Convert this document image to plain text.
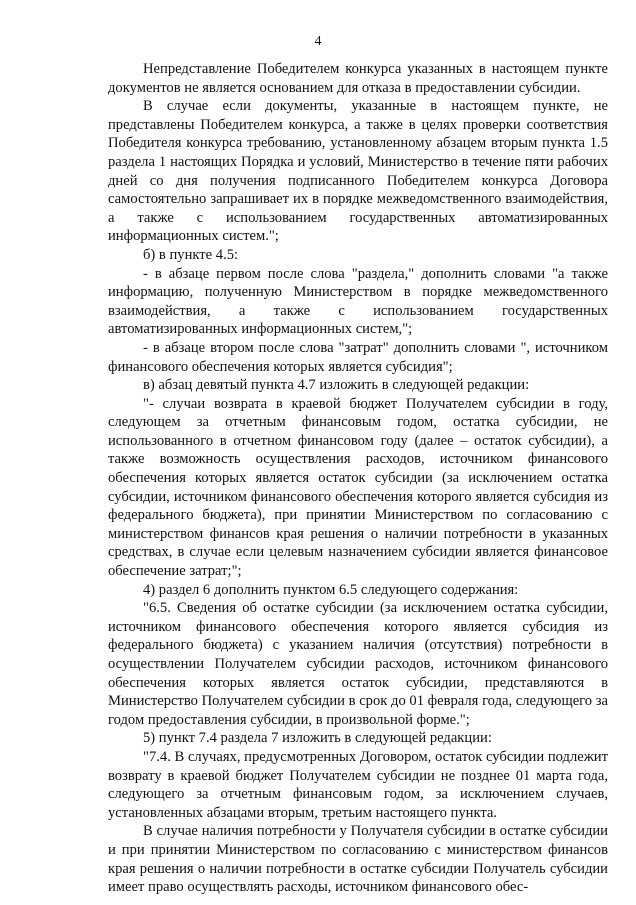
4

Непредставление Победителем конкурса указанных в настоящем пункте документов не является основанием для отказа в предоставлении субсидии.

В случае если документы, указанные в настоящем пункте, не представлены Победителем конкурса, а также в целях проверки соответствия Победителя конкурса требованию, установленному абзацем вторым пункта 1.5 раздела 1 настоящих Порядка и условий, Министерство в течение пяти рабочих дней со дня получения подписанного Победителем конкурса Договора самостоятельно запрашивает их в порядке межведомственного взаимодействия, а также с использованием государственных автоматизированных информационных систем.";

б) в пункте 4.5:

- в абзаце первом после слова "раздела," дополнить словами "а также информацию, полученную Министерством в порядке межведомственного взаимодействия, а также с использованием государственных автоматизированных информационных систем,";

- в абзаце втором после слова "затрат" дополнить словами ", источником финансового обеспечения которых является субсидия";

в) абзац девятый пункта 4.7 изложить в следующей редакции:

"- случаи возврата в краевой бюджет Получателем субсидии в году, следующем за отчетным финансовым годом, остатка субсидии, не использованного в отчетном финансовом году (далее – остаток субсидии), а также возможность осуществления расходов, источником финансового обеспечения которых является остаток субсидии (за исключением остатка субсидии, источником финансового обеспечения которого является субсидия из федерального бюджета), при принятии Министерством по согласованию с министерством финансов края решения о наличии потребности в указанных средствах, в случае если целевым назначением субсидии является финансовое обеспечение затрат;";

4) раздел 6 дополнить пунктом 6.5 следующего содержания:

"6.5. Сведения об остатке субсидии (за исключением остатка субсидии, источником финансового обеспечения которого является субсидия из федерального бюджета) с указанием наличия (отсутствия) потребности в осуществлении Получателем субсидии расходов, источником финансового обеспечения которых является остаток субсидии, представляются в Министерство Получателем субсидии в срок до 01 февраля года, следующего за годом предоставления субсидии, в произвольной форме.";

5) пункт 7.4 раздела 7 изложить в следующей редакции:

"7.4. В случаях, предусмотренных Договором, остаток субсидии подлежит возврату в краевой бюджет Получателем субсидии не позднее 01 марта года, следующего за отчетным финансовым годом, за исключением случаев, установленных абзацами вторым, третьим настоящего пункта.

В случае наличия потребности у Получателя субсидии в остатке субсидии и при принятии Министерством по согласованию с министерством финансов края решения о наличии потребности в остатке субсидии Получатель субсидии имеет право осуществлять расходы, источником финансового обес-
